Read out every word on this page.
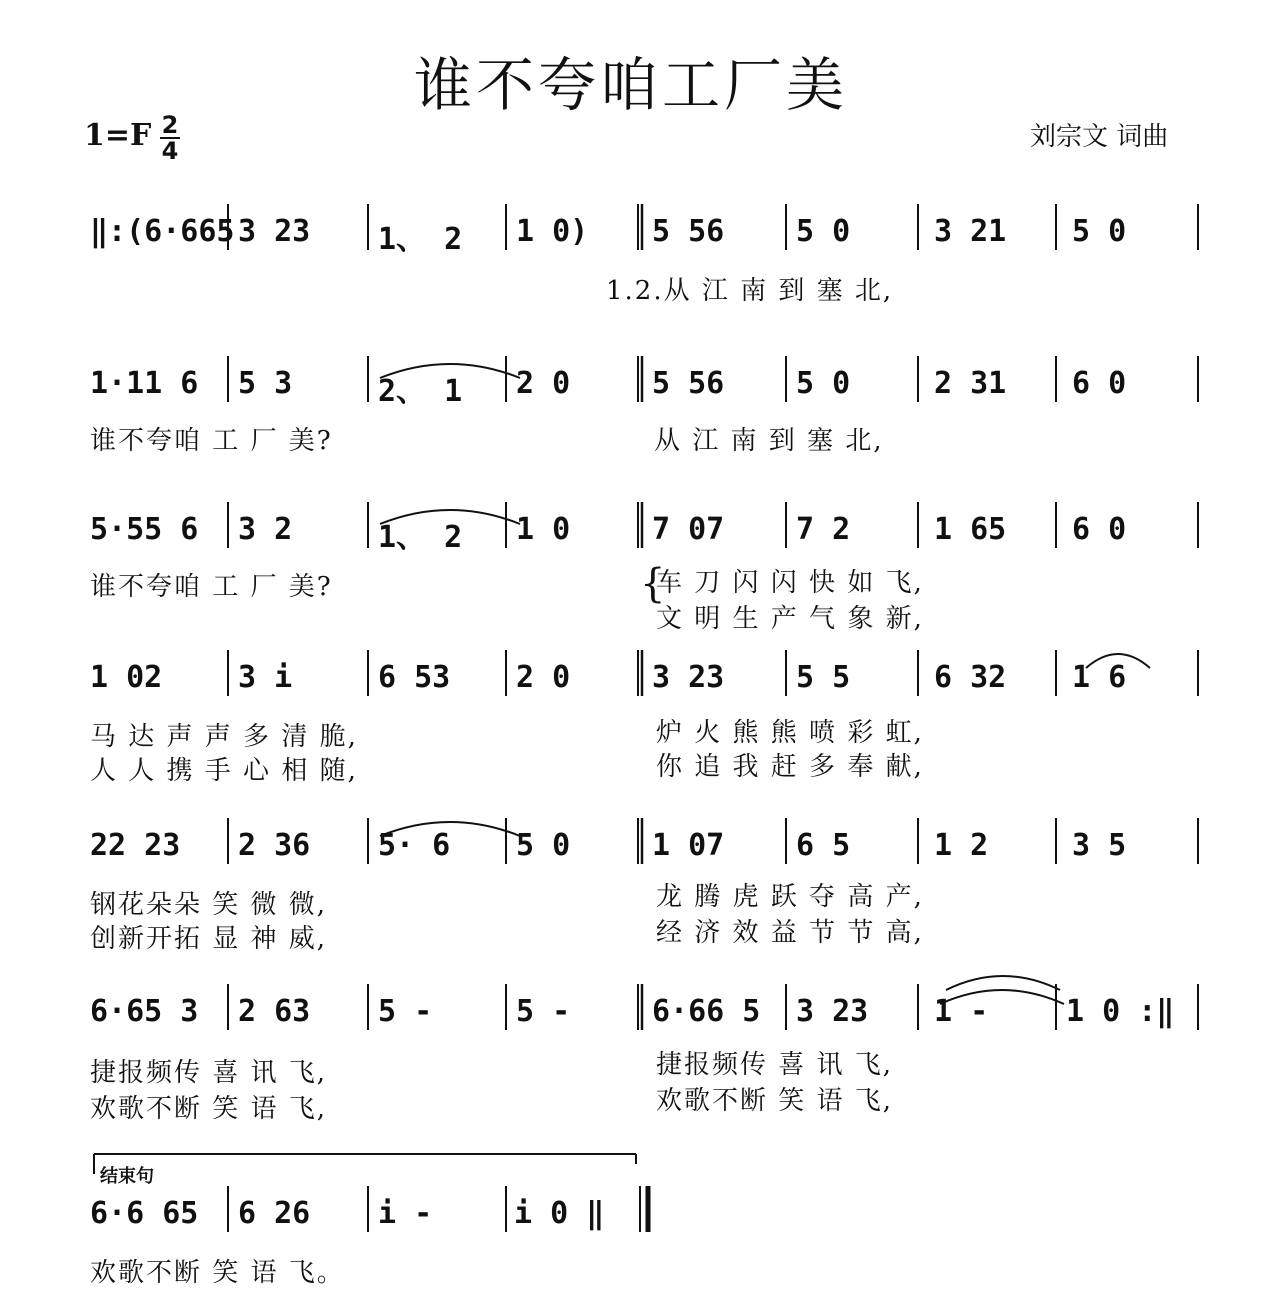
谁不夸咱工厂美
刘宗文 词曲
1=F 2
4
结束句
‖:(6·665 3 23 1、 2 1 0) 5 56 5 0	3 21 5 0
1.2.从 江 南 到 塞 北,
1·11 6 5 3	2、 1 2 0	5 56 5 0	2 31 6 0
谁不夸咱 工 厂 美?	从 江 南 到 塞 北,
5·55 6 3 2	1、 2 1 0	7 07 7 2	1 65 6 0
谁不夸咱 工 厂 美?	{
车 刀 闪 闪 快 如 飞,
文 明 生 产 气 象 新,
1 02	3 i	6 53 2 0	3 23 5 5	6 32 1 6
马 达 声 声 多 清 脆,
人 人 携 手 心 相 随,
炉 火 熊 熊 喷 彩 虹,
你 追 我 赶 多 奉 献,
22 23 2 36 5· 6 5 0	1 07 6 5	1 2	3 5
钢花朵朵 笑 微 微,
创新开拓 显 神 威,
龙 腾 虎 跃 夺 高 产,
经 济 效 益 节 节 高,
6·65 3 2 63 5 -	5 -	6·66 5 3 23 1 -	1 0 :‖
捷报频传 喜 讯 飞,
欢歌不断 笑 语 飞,
捷报频传 喜 讯 飞,
欢歌不断 笑 语 飞,
6·6 65 6 26 i -	i 0 ‖
欢歌不断 笑 语 飞。
